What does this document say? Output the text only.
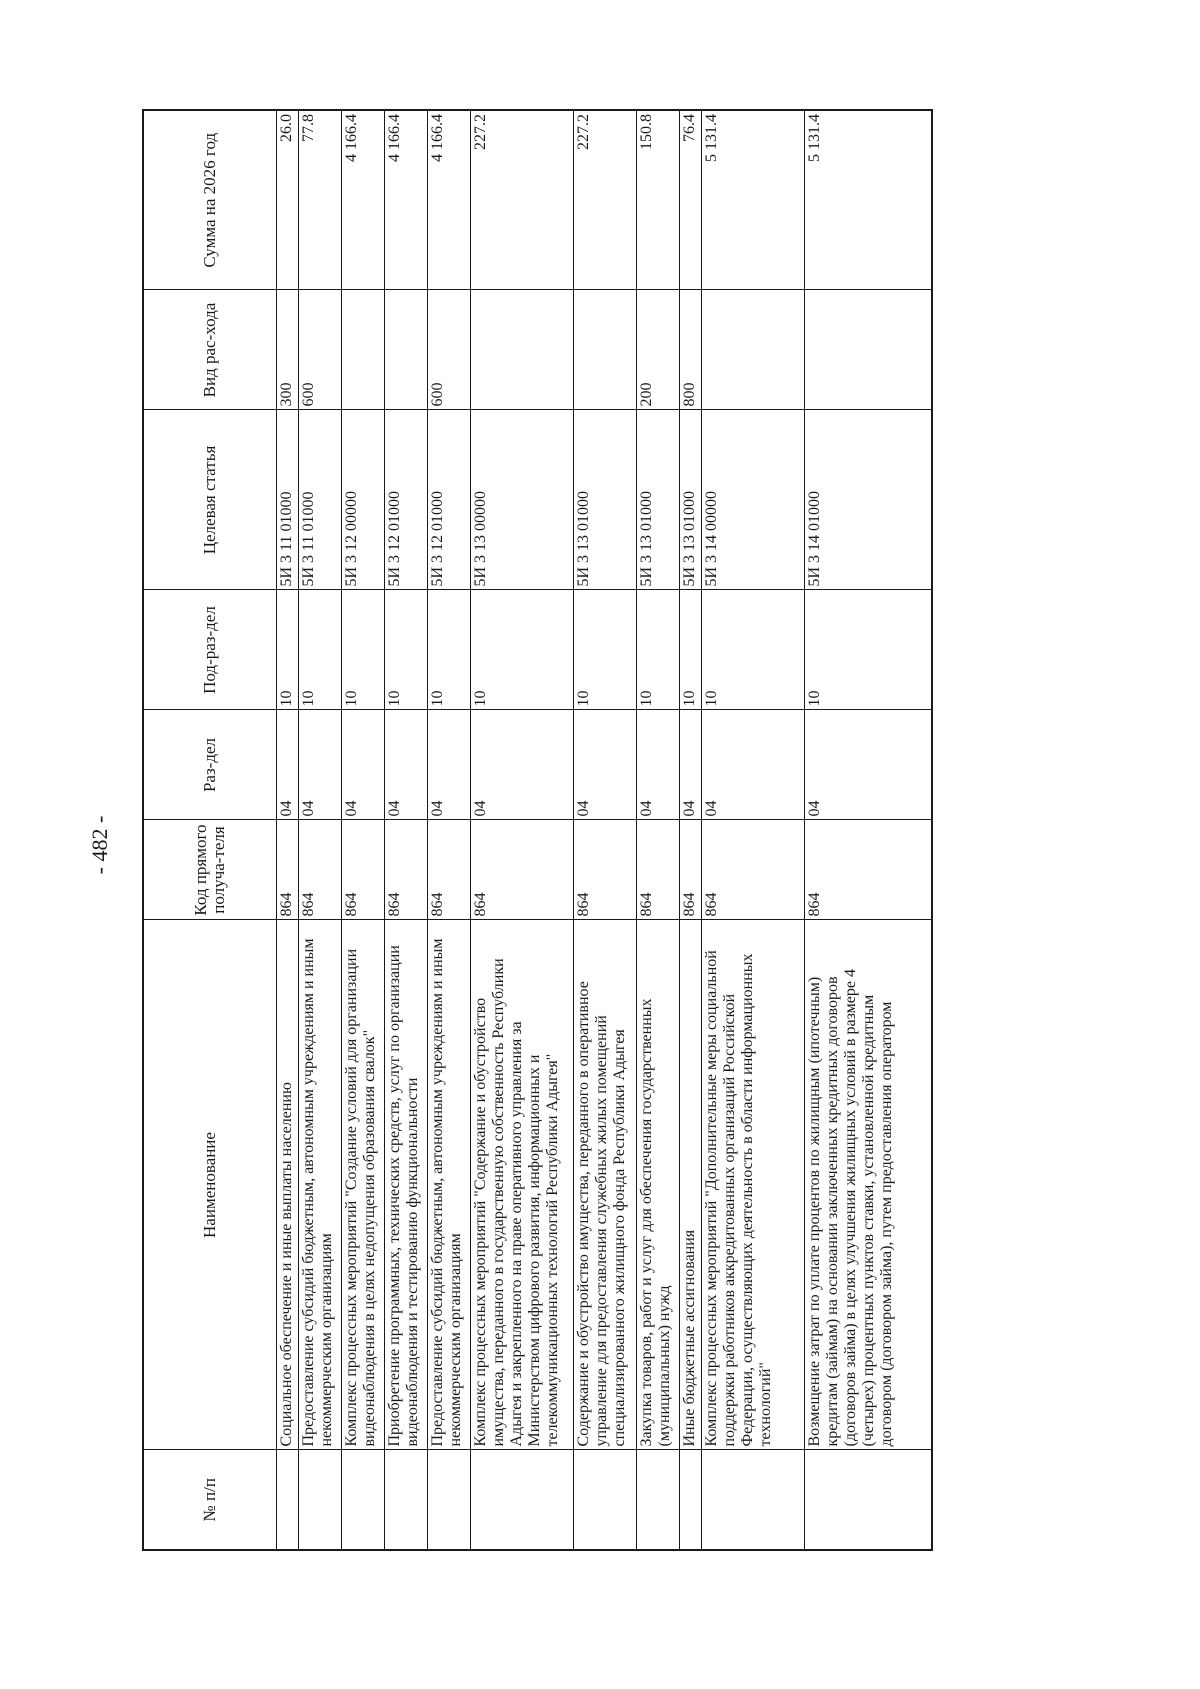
- 482 -
№ п/п	Наименование	Код прямого получа-теля	Раз-дел	Под-раз-дел	Целевая статья	Вид рас-хода	Сумма на 2026 год
	Социальное обеспечение и иные выплаты населению	864	04	10	5И 3 11 01000	300	26.0
	Предоставление субсидий бюджетным, автономным учреждениям и иным некоммерческим организациям	864	04	10	5И 3 11 01000	600	77.8
	Комплекс процессных мероприятий "Создание условий для организации видеонаблюдения в целях недопущения образования свалок"	864	04	10	5И 3 12 00000		4 166.4
	Приобретение программных, технических средств, услуг по организации видеонаблюдения и тестированию функциональности	864	04	10	5И 3 12 01000		4 166.4
	Предоставление субсидий бюджетным, автономным учреждениям и иным некоммерческим организациям	864	04	10	5И 3 12 01000	600	4 166.4
	Комплекс процессных мероприятий "Содержание и обустройство имущества, переданного в государственную собственность Республики Адыгея и закрепленного на праве оперативного управления за Министерством цифрового развития, информационных и телекоммуникационных технологий Республики Адыгея"	864	04	10	5И 3 13 00000		227.2
	Содержание и обустройство имущества, переданного в оперативное управление для предоставления служебных жилых помещений специализированного жилищного фонда Республики Адыгея	864	04	10	5И 3 13 01000		227.2
	Закупка товаров, работ и услуг для обеспечения государственных (муниципальных) нужд	864	04	10	5И 3 13 01000	200	150.8
	Иные бюджетные ассигнования	864	04	10	5И 3 13 01000	800	76.4
	Комплекс процессных мероприятий "Дополнительные меры социальной поддержки работников аккредитованных организаций Российской Федерации, осуществляющих деятельность в области информационных технологий"	864	04	10	5И 3 14 00000		5 131.4
	Возмещение затрат по уплате процентов по жилищным (ипотечным) кредитам (займам) на основании заключенных кредитных договоров (договоров займа) в целях улучшения жилищных условий в размере 4 (четырех) процентных пунктов ставки, установленной кредитным договором (договором займа), путем предоставления оператором	864	04	10	5И 3 14 01000		5 131.4
